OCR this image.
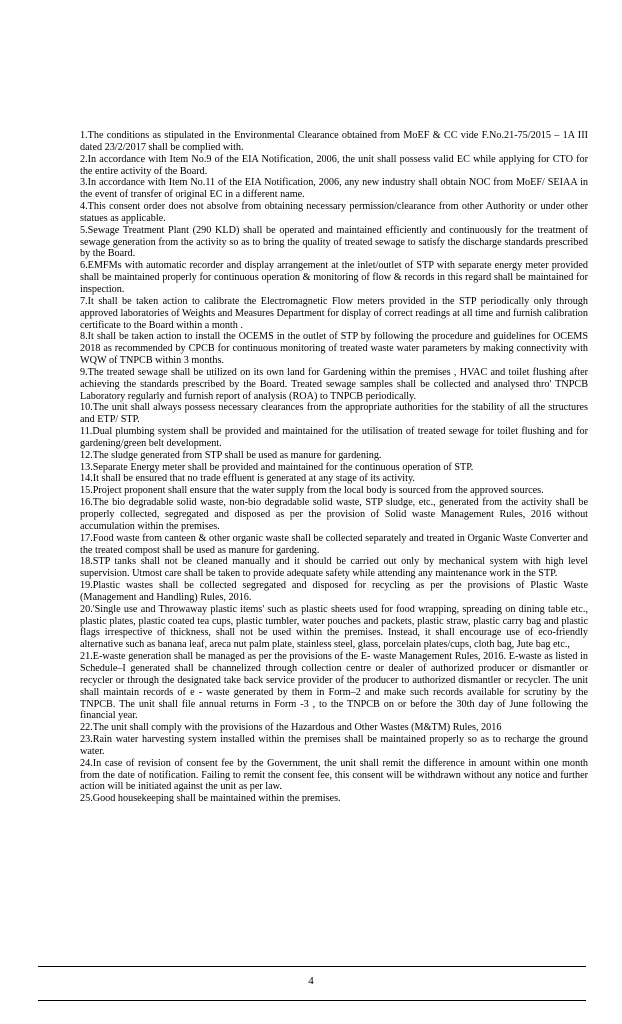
1.The conditions as stipulated in the Environmental Clearance obtained from MoEF & CC vide F.No.21-75/2015 – 1A III dated 23/2/2017 shall be complied with.

2.In accordance with Item No.9 of the EIA Notification, 2006, the unit shall possess valid EC while applying for CTO for the entire activity of the Board.

3.In accordance with Item No.11 of the EIA Notification, 2006, any new industry shall obtain NOC from MoEF/ SEIAA in the event of transfer of original EC in a different name.

4.This consent order does not absolve from obtaining necessary permission/clearance from other Authority or under other statues as applicable.

5.Sewage Treatment Plant (290 KLD) shall be operated and maintained efficiently and continuously for the treatment of sewage generation from the activity so as to bring the quality of treated sewage to satisfy the discharge standards prescribed by the Board.

6.EMFMs with automatic recorder and display arrangement at the inlet/outlet of STP with separate energy meter provided shall be maintained properly for continuous operation & monitoring of flow & records in this regard shall be maintained for inspection.

7.It shall be taken action to calibrate the Electromagnetic Flow meters provided in the STP periodically only through approved laboratories of Weights and Measures Department for display of correct readings at all time and furnish calibration certificate to the Board within a month .

8.It shall be taken action to install the OCEMS in the outlet of STP by following the procedure and guidelines for OCEMS 2018 as recommended by CPCB for continuous monitoring of treated waste water parameters by making connectivity with WQW of TNPCB within 3 months.

9.The treated sewage shall be utilized on its own land for Gardening within the premises , HVAC and toilet flushing after achieving the standards prescribed by the Board. Treated sewage samples shall be collected and analysed thro' TNPCB Laboratory regularly and furnish report of analysis (ROA) to TNPCB periodically.

10.The unit shall always possess necessary clearances from the appropriate authorities for the stability of all the structures and ETP/ STP.

11.Dual plumbing system shall be provided and maintained for the utilisation of treated sewage for toilet flushing and for gardening/green belt development.

12.The sludge generated from STP shall be used as manure for gardening.

13.Separate Energy meter shall be provided and maintained for the continuous operation of STP.

14.It shall be ensured that no trade effluent is generated at any stage of its activity.

15.Project proponent shall ensure that the water supply from the local body is sourced from the approved sources.

16.The bio degradable solid waste, non-bio degradable solid waste, STP sludge, etc., generated from the activity shall be properly collected, segregated and disposed as per the provision of Solid waste Management Rules, 2016 without accumulation within the premises.

17.Food waste from canteen & other organic waste shall be collected separately and treated in Organic Waste Converter and the treated compost shall be used as manure for gardening.

18.STP tanks shall not be cleaned manually and it should be carried out only by mechanical system with high level supervision. Utmost care shall be taken to provide adequate safety while attending any maintenance work in the STP.

19.Plastic wastes shall be collected segregated and disposed for recycling as per the provisions of Plastic Waste (Management and Handling) Rules, 2016.

20.'Single use and Throwaway plastic items' such as plastic sheets used for food wrapping, spreading on dining table etc., plastic plates, plastic coated tea cups, plastic tumbler, water pouches and packets, plastic straw, plastic carry bag and plastic flags irrespective of thickness, shall not be used within the premises. Instead, it shall encourage use of eco-friendly alternative such as banana leaf, areca nut palm plate, stainless steel, glass, porcelain plates/cups, cloth bag, Jute bag etc.,

21.E-waste generation shall be managed as per the provisions of the E- waste Management Rules, 2016. E-waste as listed in Schedule–I generated shall be channelized through collection centre or dealer of authorized producer or dismantler or recycler or through the designated take back service provider of the producer to authorized dismantler or recycler. The unit shall maintain records of e - waste generated by them in Form–2 and make such records available for scrutiny by the TNPCB. The unit shall file annual returns in Form -3 , to the TNPCB on or before the 30th day of June following the financial year.

22.The unit shall comply with the provisions of the Hazardous and Other Wastes (M&TM) Rules, 2016

23.Rain water harvesting system installed within the premises shall be maintained properly so as to recharge the ground water.

24.In case of revision of consent fee by the Government, the unit shall remit the difference in amount within one month from the date of notification. Failing to remit the consent fee, this consent will be withdrawn without any notice and further action will be initiated against the unit as per law.

25.Good housekeeping shall be maintained within the premises.

4
